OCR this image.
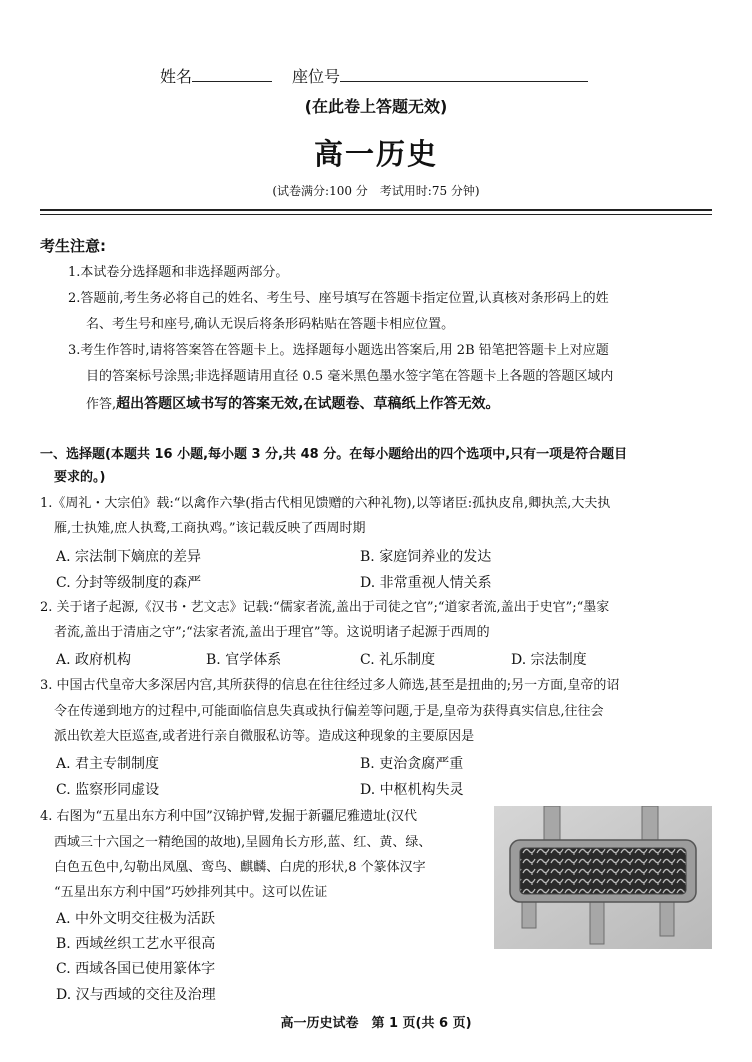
姓名	座位号
(在此卷上答题无效)
高一历史
(试卷满分:100 分　考试用时:75 分钟)
考生注意:
1.本试卷分选择题和非选择题两部分。
2.答题前,考生务必将自己的姓名、考生号、座号填写在答题卡指定位置,认真核对条形码上的姓
名、考生号和座号,确认无误后将条形码粘贴在答题卡相应位置。
3.考生作答时,请将答案答在答题卡上。选择题每小题选出答案后,用 2B 铅笔把答题卡上对应题
目的答案标号涂黑;非选择题请用直径 0.5 毫米黑色墨水签字笔在答题卡上各题的答题区域内
作答,超出答题区域书写的答案无效,在试题卷、草稿纸上作答无效。
一、选择题(本题共 16 小题,每小题 3 分,共 48 分。在每小题给出的四个选项中,只有一项是符合题目
要求的。)
1.《周礼・大宗伯》载:“以禽作六挚(指古代相见馈赠的六种礼物),以等诸臣:孤执皮帛,卿执羔,大夫执
雁,士执雉,庶人执鹜,工商执鸡。”该记载反映了西周时期
A. 宗法制下嫡庶的差异	B. 家庭饲养业的发达
C. 分封等级制度的森严	D. 非常重视人情关系
2. 关于诸子起源,《汉书・艺文志》记载:“儒家者流,盖出于司徒之官”;“道家者流,盖出于史官”;“墨家
者流,盖出于清庙之守”;“法家者流,盖出于理官”等。这说明诸子起源于西周的
A. 政府机构	B. 官学体系	C. 礼乐制度	D. 宗法制度
3. 中国古代皇帝大多深居内宫,其所获得的信息在往往经过多人筛选,甚至是扭曲的;另一方面,皇帝的诏
令在传递到地方的过程中,可能面临信息失真或执行偏差等问题,于是,皇帝为获得真实信息,往往会
派出钦差大臣巡查,或者进行亲自微服私访等。造成这种现象的主要原因是
A. 君主专制制度	B. 吏治贪腐严重
C. 监察形同虚设	D. 中枢机构失灵
4. 右图为“五星出东方利中国”汉锦护臂,发掘于新疆尼雅遗址(汉代
西域三十六国之一精绝国的故地),呈圆角长方形,蓝、红、黄、绿、
白色五色中,勾勒出凤凰、鸾鸟、麒麟、白虎的形状,8 个篆体汉字
“五星出东方利中国”巧妙排列其中。这可以佐证
A. 中外文明交往极为活跃
B. 西域丝织工艺水平很高
C. 西域各国已使用篆体字
D. 汉与西域的交往及治理
高一历史试卷　第 1 页(共 6 页)
